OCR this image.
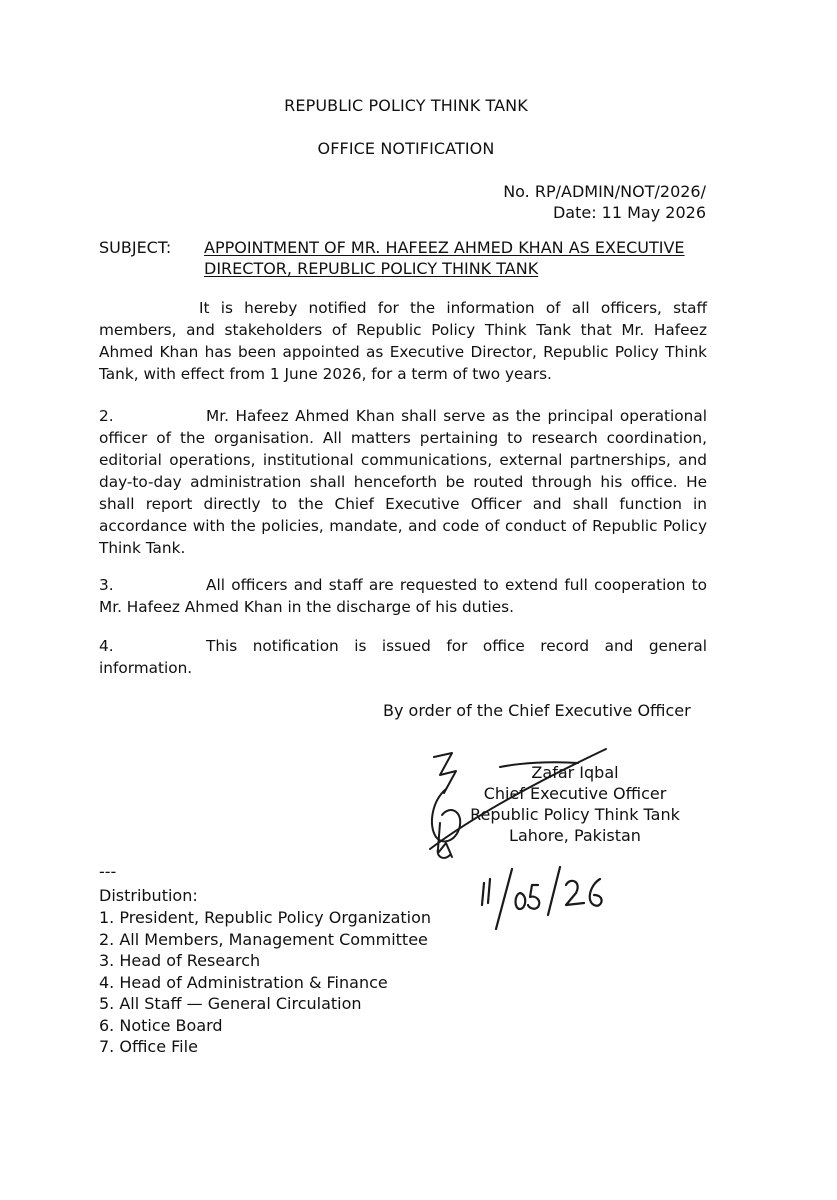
REPUBLIC POLICY THINK TANK
OFFICE NOTIFICATION
No. RP/ADMIN/NOT/2026/
Date: 11 May 2026
SUBJECT: APPOINTMENT OF MR. HAFEEZ AHMED KHAN AS EXECUTIVE DIRECTOR, REPUBLIC POLICY THINK TANK
It is hereby notified for the information of all officers, staff members, and stakeholders of Republic Policy Think Tank that Mr. Hafeez Ahmed Khan has been appointed as Executive Director, Republic Policy Think Tank, with effect from 1 June 2026, for a term of two years.
2.	Mr. Hafeez Ahmed Khan shall serve as the principal operational officer of the organisation. All matters pertaining to research coordination, editorial operations, institutional communications, external partnerships, and day-to-day administration shall henceforth be routed through his office. He shall report directly to the Chief Executive Officer and shall function in accordance with the policies, mandate, and code of conduct of Republic Policy Think Tank.
3.	All officers and staff are requested to extend full cooperation to Mr. Hafeez Ahmed Khan in the discharge of his duties.
4.	This notification is issued for office record and general information.
By order of the Chief Executive Officer
Zafar Iqbal
Chief Executive Officer
Republic Policy Think Tank
Lahore, Pakistan
---
Distribution:
1. President, Republic Policy Organization
2. All Members, Management Committee
3. Head of Research
4. Head of Administration & Finance
5. All Staff — General Circulation
6. Notice Board
7. Office File
